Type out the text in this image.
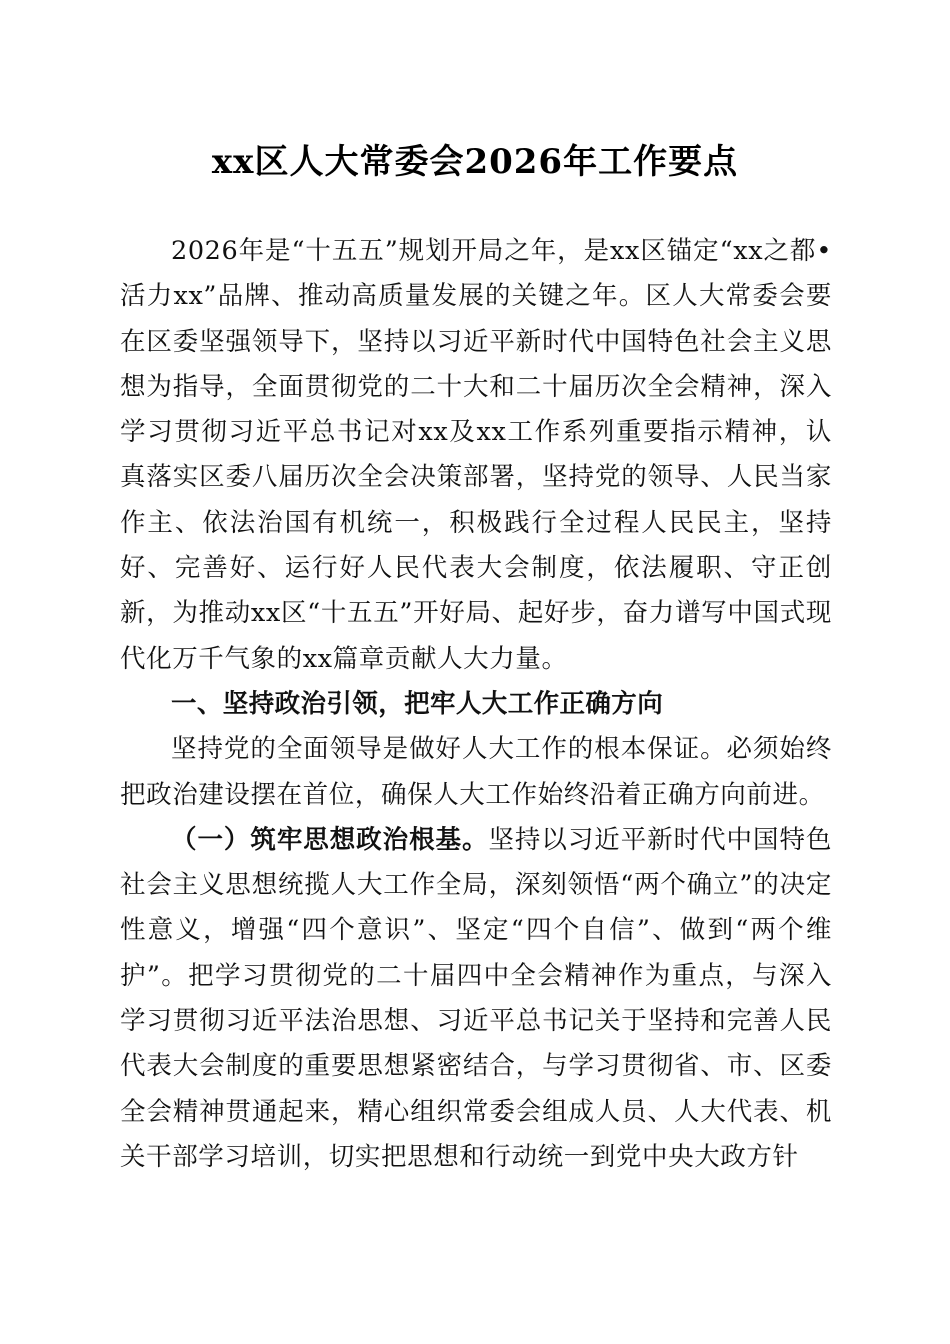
xx区人大常委会2026年工作要点

2026年是“十五五”规划开局之年，是xx区锚定“xx之都•活力xx”品牌、推动高质量发展的关键之年。区人大常委会要在区委坚强领导下，坚持以习近平新时代中国特色社会主义思想为指导，全面贯彻党的二十大和二十届历次全会精神，深入学习贯彻习近平总书记对xx及xx工作系列重要指示精神，认真落实区委八届历次全会决策部署，坚持党的领导、人民当家作主、依法治国有机统一，积极践行全过程人民民主，坚持好、完善好、运行好人民代表大会制度，依法履职、守正创新，为推动xx区“十五五”开好局、起好步，奋力谱写中国式现代化万千气象的xx篇章贡献人大力量。

一、坚持政治引领，把牢人大工作正确方向

坚持党的全面领导是做好人大工作的根本保证。必须始终把政治建设摆在首位，确保人大工作始终沿着正确方向前进。

（一）筑牢思想政治根基。坚持以习近平新时代中国特色社会主义思想统揽人大工作全局，深刻领悟“两个确立”的决定性意义，增强“四个意识”、坚定“四个自信”、做到“两个维护”。把学习贯彻党的二十届四中全会精神作为重点，与深入学习贯彻习近平法治思想、习近平总书记关于坚持和完善人民代表大会制度的重要思想紧密结合，与学习贯彻省、市、区委全会精神贯通起来，精心组织常委会组成人员、人大代表、机关干部学习培训，切实把思想和行动统一到党中央大政方针
